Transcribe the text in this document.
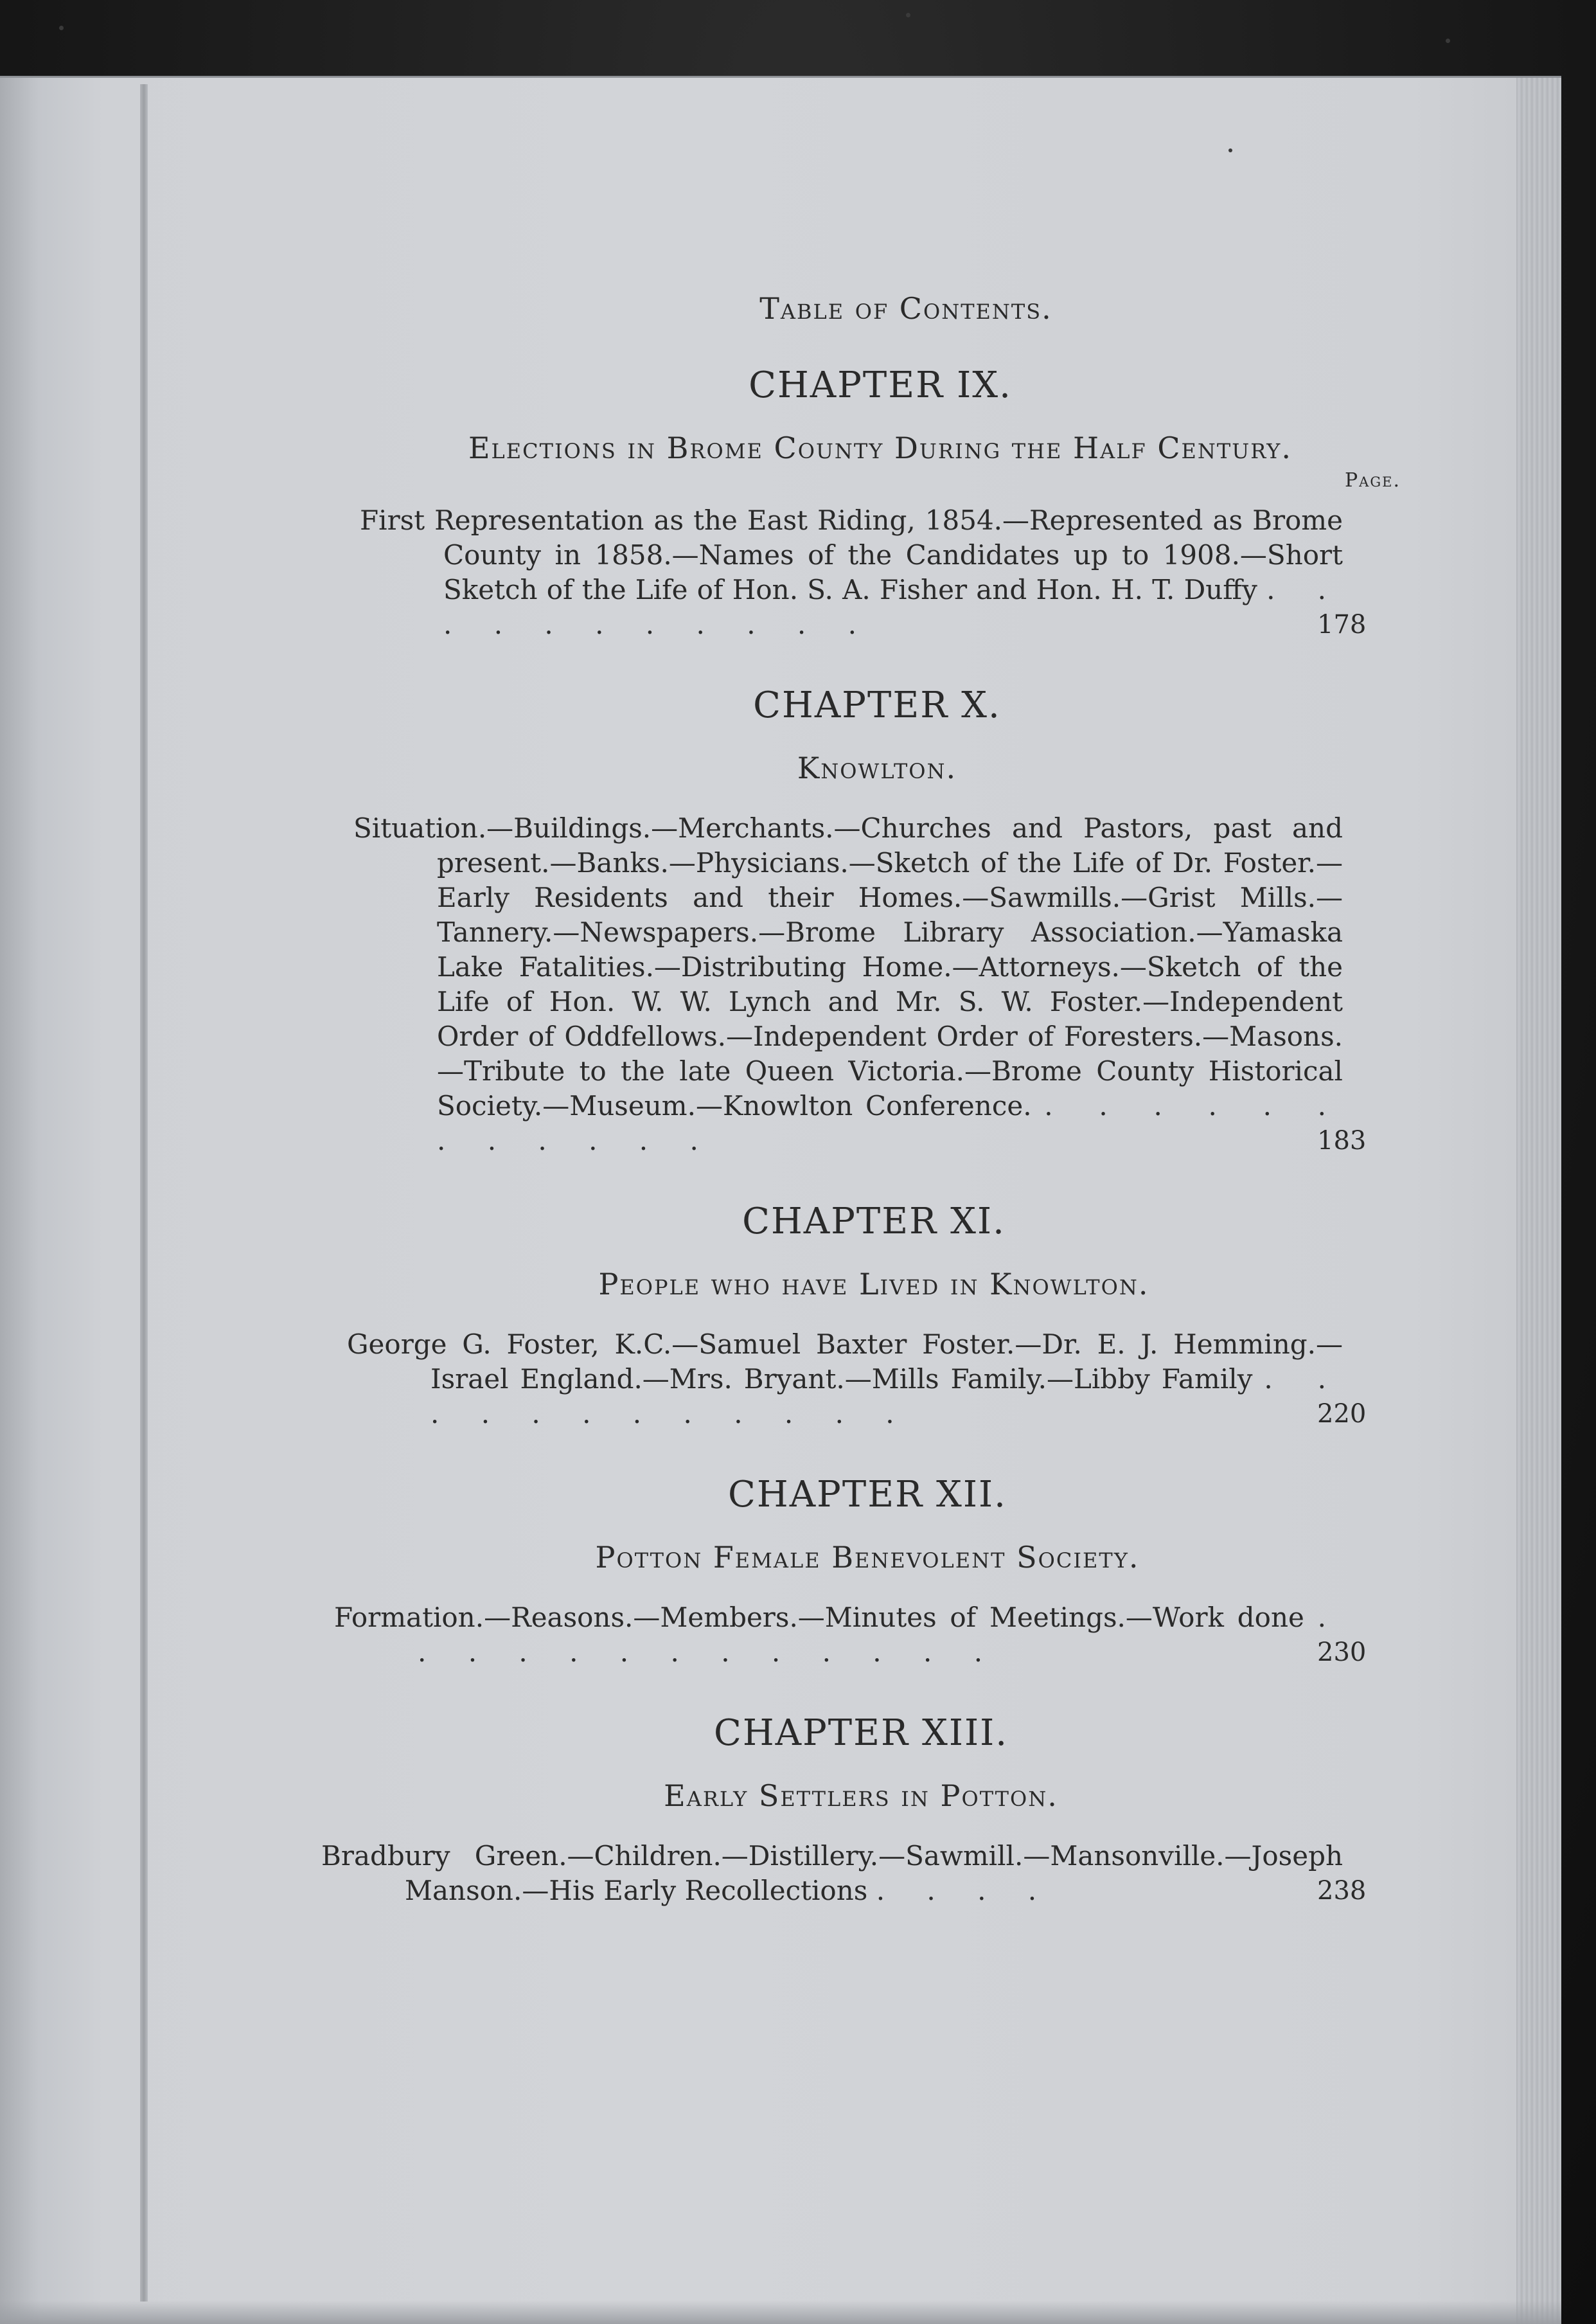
Table of Contents.
CHAPTER IX.
Elections in Brome County During the Half Century.
Page.

First Representation as the East Riding, 1854.—Represented as Brome County in 1858.—Names of the Candidates up to 1908.—Short Sketch of the Life of Hon. S. A. Fisher and Hon. H. T. Duffy . . . . . . . . . . .	178

CHAPTER X.
Knowlton.

Situation.—Buildings.—Merchants.—Churches and Pastors, past and present.—Banks.—Physicians.—Sketch of the Life of Dr. Foster.—Early Residents and their Homes.—Sawmills.—Grist Mills.—Tannery.—Newspapers.—Brome Library Association.—Yamaska Lake Fatalities.—Distributing Home.—Attorneys.—Sketch of the Life of Hon. W. W. Lynch and Mr. S. W. Foster.—Independent Order of Oddfellows.—Independent Order of Foresters.—Masons.—Tribute to the late Queen Victoria.—Brome County Historical Society.—Museum.—Knowlton Conference. . . . . . . . . . . . .	183

CHAPTER XI.
People who have Lived in Knowlton.

George G. Foster, K.C.—Samuel Baxter Foster.—Dr. E. J. Hemming.—Israel England.—Mrs. Bryant.—Mills Family.—Libby Family . . . . . . . . . . . .	220

CHAPTER XII.
Potton Female Benevolent Society.

Formation.—Reasons.—Members.—Minutes of Meetings.—Work done . . . . . . . . . . . . .	230

CHAPTER XIII.
Early Settlers in Potton.

Bradbury Green.—Children.—Distillery.—Sawmill.—Mansonville.—Joseph Manson.—His Early Recollections . . . .	238
